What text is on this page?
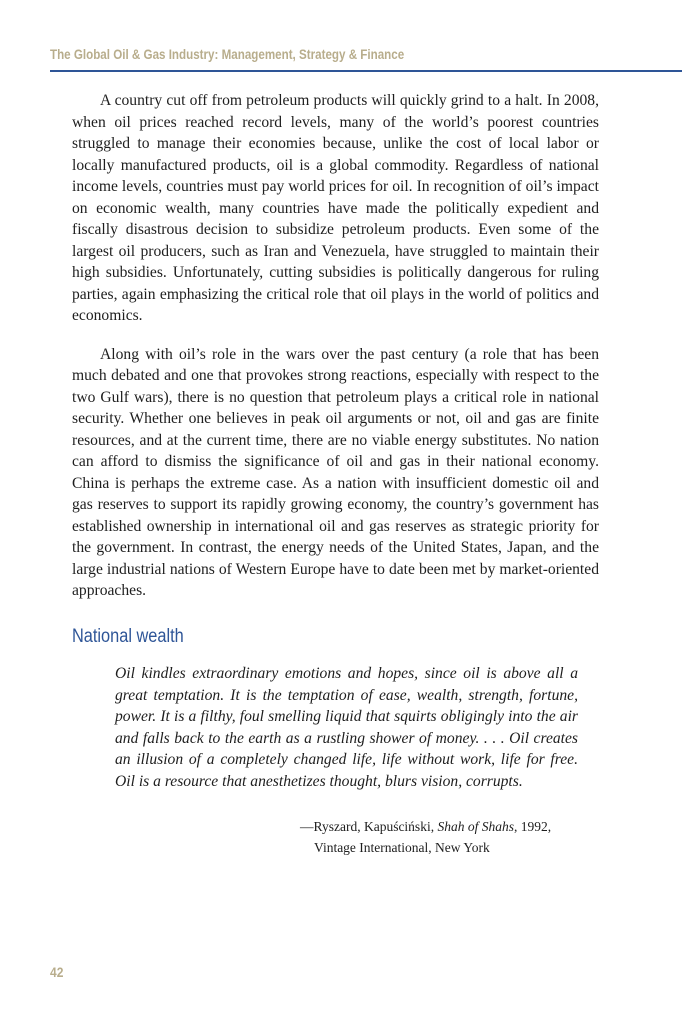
The Global Oil & Gas Industry: Management, Strategy & Finance

A country cut off from petroleum products will quickly grind to a halt. In 2008, when oil prices reached record levels, many of the world’s poorest countries struggled to manage their economies because, unlike the cost of local labor or locally manufactured products, oil is a global commodity. Regardless of national income levels, countries must pay world prices for oil. In recognition of oil’s impact on economic wealth, many countries have made the politically expedient and fiscally disastrous decision to subsidize petroleum products. Even some of the largest oil producers, such as Iran and Venezuela, have struggled to maintain their high subsidies. Unfortunately, cutting subsidies is politically dangerous for ruling parties, again emphasizing the critical role that oil plays in the world of politics and economics.

Along with oil’s role in the wars over the past century (a role that has been much debated and one that provokes strong reactions, especially with respect to the two Gulf wars), there is no question that petroleum plays a critical role in national security. Whether one believes in peak oil arguments or not, oil and gas are finite resources, and at the current time, there are no viable energy substitutes. No nation can afford to dismiss the significance of oil and gas in their national economy. China is perhaps the extreme case. As a nation with insufficient domestic oil and gas reserves to support its rapidly growing economy, the country’s government has established ownership in international oil and gas reserves as strategic priority for the government. In contrast, the energy needs of the United States, Japan, and the large industrial nations of Western Europe have to date been met by market-oriented approaches.

National wealth

Oil kindles extraordinary emotions and hopes, since oil is above all a great temptation. It is the temptation of ease, wealth, strength, fortune, power. It is a filthy, foul smelling liquid that squirts obligingly into the air and falls back to the earth as a rustling shower of money. . . . Oil creates an illusion of a completely changed life, life without work, life for free. Oil is a resource that anesthetizes thought, blurs vision, corrupts.

—Ryszard, Kapuściński, Shah of Shahs, 1992,
Vintage International, New York
42
